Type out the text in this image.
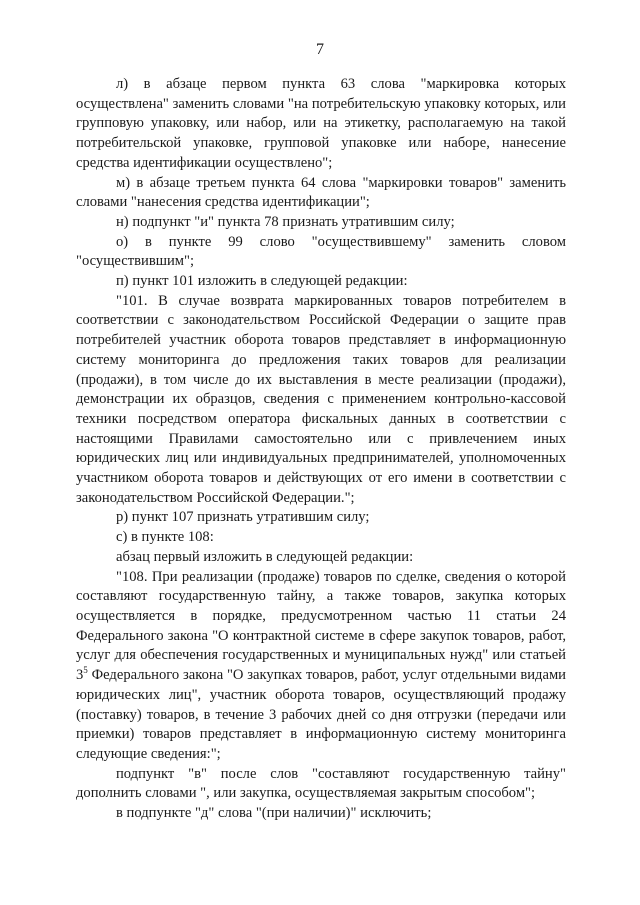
7

л) в абзаце первом пункта 63 слова "маркировка которых осуществлена" заменить словами "на потребительскую упаковку которых, или групповую упаковку, или набор, или на этикетку, располагаемую на такой потребительской упаковке, групповой упаковке или наборе, нанесение средства идентификации осуществлено";

м) в абзаце третьем пункта 64 слова "маркировки товаров" заменить словами "нанесения средства идентификации";

н) подпункт "и" пункта 78 признать утратившим силу;

о) в пункте 99 слово "осуществившему" заменить словом "осуществившим";

п) пункт 101 изложить в следующей редакции:

"101. В случае возврата маркированных товаров потребителем в соответствии с законодательством Российской Федерации о защите прав потребителей участник оборота товаров представляет в информационную систему мониторинга до предложения таких товаров для реализации (продажи), в том числе до их выставления в месте реализации (продажи), демонстрации их образцов, сведения с применением контрольно-кассовой техники посредством оператора фискальных данных в соответствии с настоящими Правилами самостоятельно или с привлечением иных юридических лиц или индивидуальных предпринимателей, уполномоченных участником оборота товаров и действующих от его имени в соответствии с законодательством Российской Федерации.";

р) пункт 107 признать утратившим силу;

с) в пункте 108:

абзац первый изложить в следующей редакции:

"108. При реализации (продаже) товаров по сделке, сведения о которой составляют государственную тайну, а также товаров, закупка которых осуществляется в порядке, предусмотренном частью 11 статьи 24 Федерального закона "О контрактной системе в сфере закупок товаров, работ, услуг для обеспечения государственных и муниципальных нужд" или статьей $3^5$ Федерального закона "О закупках товаров, работ, услуг отдельными видами юридических лиц", участник оборота товаров, осуществляющий продажу (поставку) товаров, в течение 3 рабочих дней со дня отгрузки (передачи или приемки) товаров представляет в информационную систему мониторинга следующие сведения:";

подпункт "в" после слов "составляют государственную тайну" дополнить словами ", или закупка, осуществляемая закрытым способом";

в подпункте "д" слова "(при наличии)" исключить;
